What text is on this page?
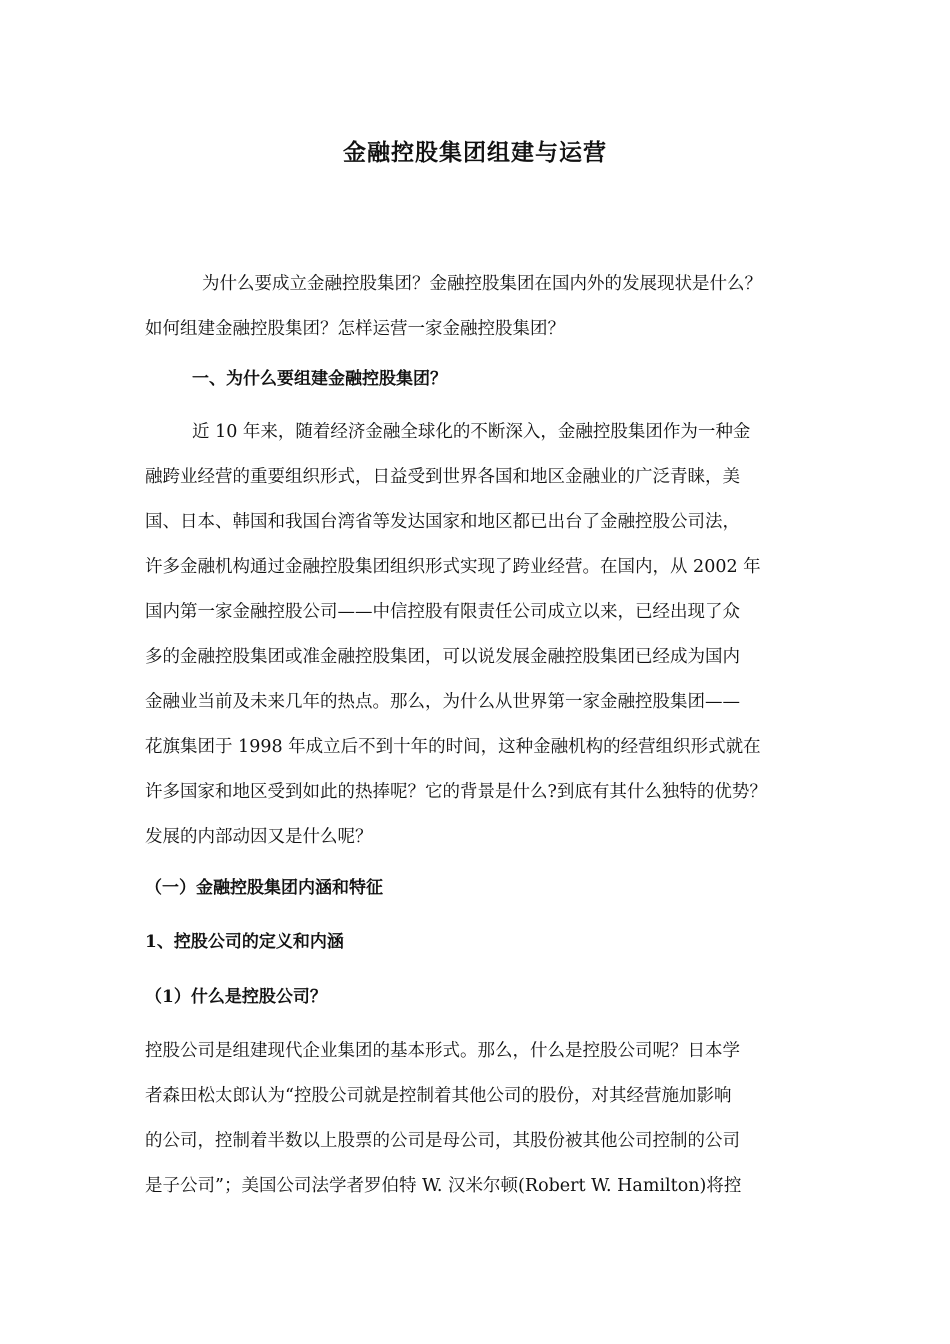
金融控股集团组建与运营
为什么要成立金融控股集团？金融控股集团在国内外的发展现状是什么？
如何组建金融控股集团？怎样运营一家金融控股集团？
一、为什么要组建金融控股集团？
近 10 年来，随着经济金融全球化的不断深入，金融控股集团作为一种金
融跨业经营的重要组织形式，日益受到世界各国和地区金融业的广泛青睐，美
国、日本、韩国和我国台湾省等发达国家和地区都已出台了金融控股公司法，
许多金融机构通过金融控股集团组织形式实现了跨业经营。在国内，从 2002 年
国内第一家金融控股公司——中信控股有限责任公司成立以来，已经出现了众
多的金融控股集团或准金融控股集团，可以说发展金融控股集团已经成为国内
金融业当前及未来几年的热点。那么，为什么从世界第一家金融控股集团——
花旗集团于 1998 年成立后不到十年的时间，这种金融机构的经营组织形式就在
许多国家和地区受到如此的热捧呢？它的背景是什么?到底有其什么独特的优势？
发展的内部动因又是什么呢？
（一）金融控股集团内涵和特征
1、控股公司的定义和内涵
（1）什么是控股公司？
控股公司是组建现代企业集团的基本形式。那么，什么是控股公司呢？日本学
者森田松太郎认为“控股公司就是控制着其他公司的股份，对其经营施加影响
的公司，控制着半数以上股票的公司是母公司，其股份被其他公司控制的公司
是子公司”；美国公司法学者罗伯特 W. 汉米尔顿(Robert W. Hamilton)将控
